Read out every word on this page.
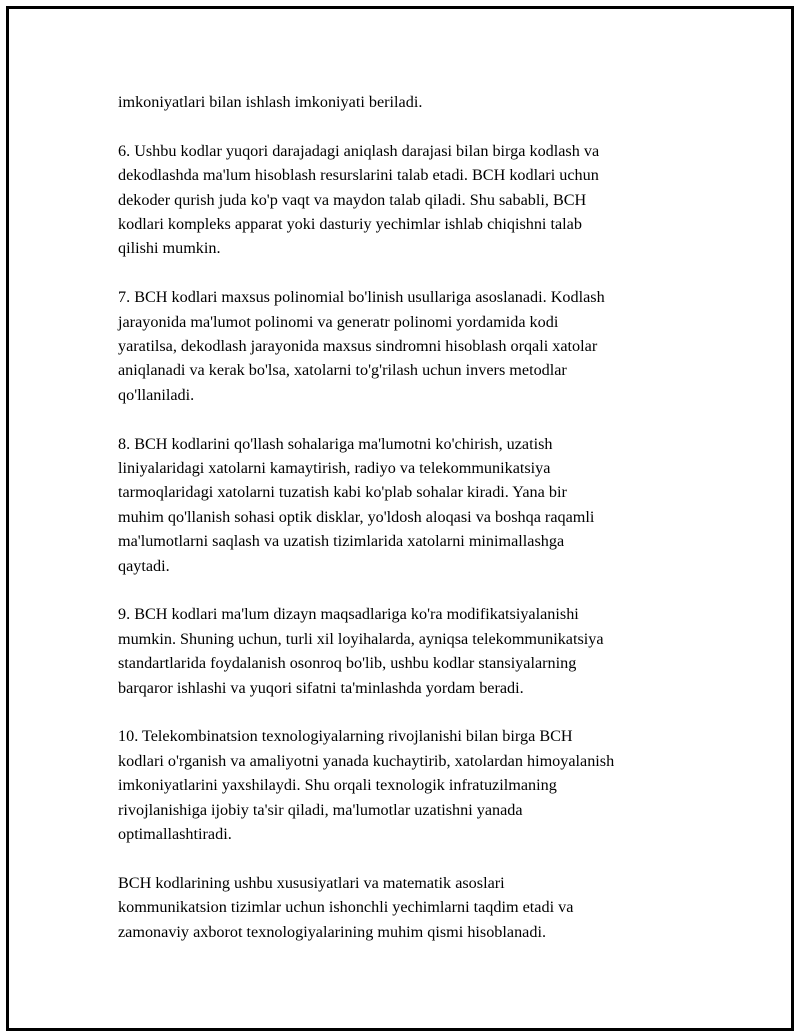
imkoniyatlari bilan ishlash imkoniyati beriladi.

6. Ushbu kodlar yuqori darajadagi aniqlash darajasi bilan birga kodlash va
dekodlashda ma'lum hisoblash resurslarini talab etadi. BCH kodlari uchun
dekoder qurish juda ko'p vaqt va maydon talab qiladi. Shu sababli, BCH
kodlari kompleks apparat yoki dasturiy yechimlar ishlab chiqishni talab
qilishi mumkin.

7. BCH kodlari maxsus polinomial bo'linish usullariga asoslanadi. Kodlash
jarayonida ma'lumot polinomi va generatr polinomi yordamida kodi
yaratilsa, dekodlash jarayonida maxsus sindromni hisoblash orqali xatolar
aniqlanadi va kerak bo'lsa, xatolarni to'g'rilash uchun invers metodlar
qo'llaniladi.

8. BCH kodlarini qo'llash sohalariga ma'lumotni ko'chirish, uzatish
liniyalaridagi xatolarni kamaytirish, radiyo va telekommunikatsiya
tarmoqlaridagi xatolarni tuzatish kabi ko'plab sohalar kiradi. Yana bir
muhim qo'llanish sohasi optik disklar, yo'ldosh aloqasi va boshqa raqamli
ma'lumotlarni saqlash va uzatish tizimlarida xatolarni minimallashga
qaytadi.

9. BCH kodlari ma'lum dizayn maqsadlariga ko'ra modifikatsiyalanishi
mumkin. Shuning uchun, turli xil loyihalarda, ayniqsa telekommunikatsiya
standartlarida foydalanish osonroq bo'lib, ushbu kodlar stansiyalarning
barqaror ishlashi va yuqori sifatni ta'minlashda yordam beradi.

10. Telekombinatsion texnologiyalarning rivojlanishi bilan birga BCH
kodlari o'rganish va amaliyotni yanada kuchaytirib, xatolardan himoyalanish
imkoniyatlarini yaxshilaydi. Shu orqali texnologik infratuzilmaning
rivojlanishiga ijobiy ta'sir qiladi, ma'lumotlar uzatishni yanada
optimallashtiradi.

BCH kodlarining ushbu xususiyatlari va matematik asoslari
kommunikatsion tizimlar uchun ishonchli yechimlarni taqdim etadi va
zamonaviy axborot texnologiyalarining muhim qismi hisoblanadi.
